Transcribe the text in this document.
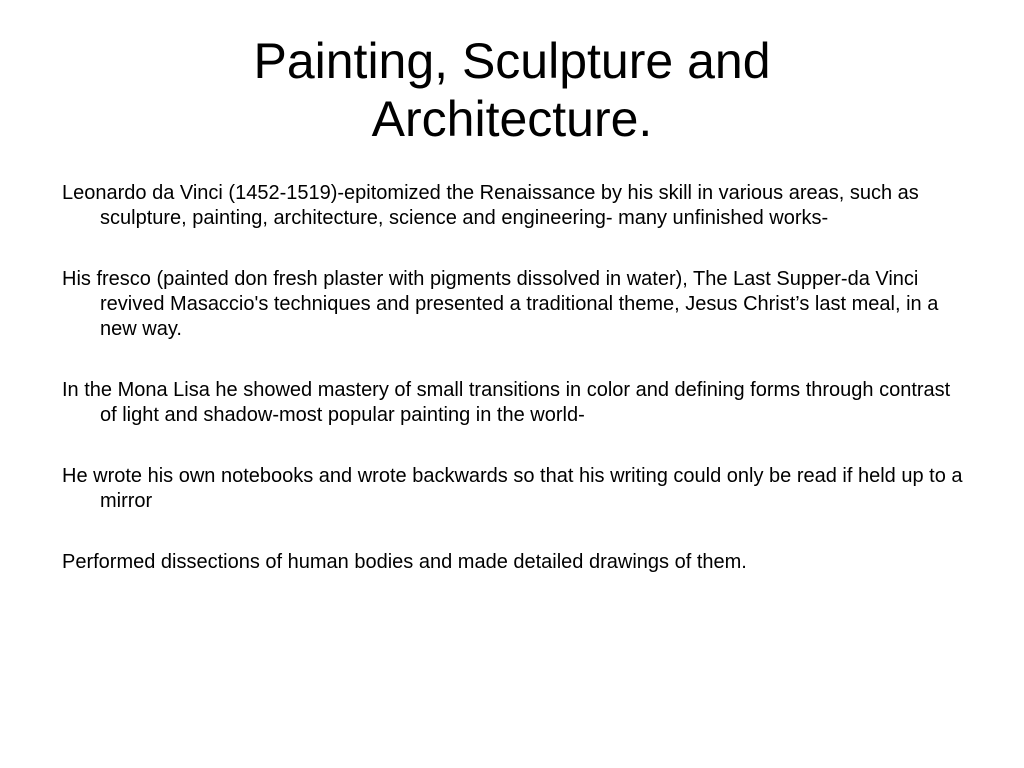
Painting, Sculpture and
Architecture.
Leonardo da Vinci (1452-1519)-epitomized the Renaissance by his skill in various areas, such as sculpture, painting, architecture, science and engineering- many unfinished works-
His fresco (painted don fresh plaster with pigments dissolved in water), The Last Supper-da Vinci revived Masaccio's techniques and presented a traditional theme, Jesus Christ’s last meal, in a new way.
In the Mona Lisa he showed mastery of small transitions in color and defining forms through contrast of light and shadow-most popular painting in the world-
He wrote his own notebooks and wrote backwards so that his writing could only be read if held up to a mirror
Performed dissections of human bodies and made detailed drawings of them.
